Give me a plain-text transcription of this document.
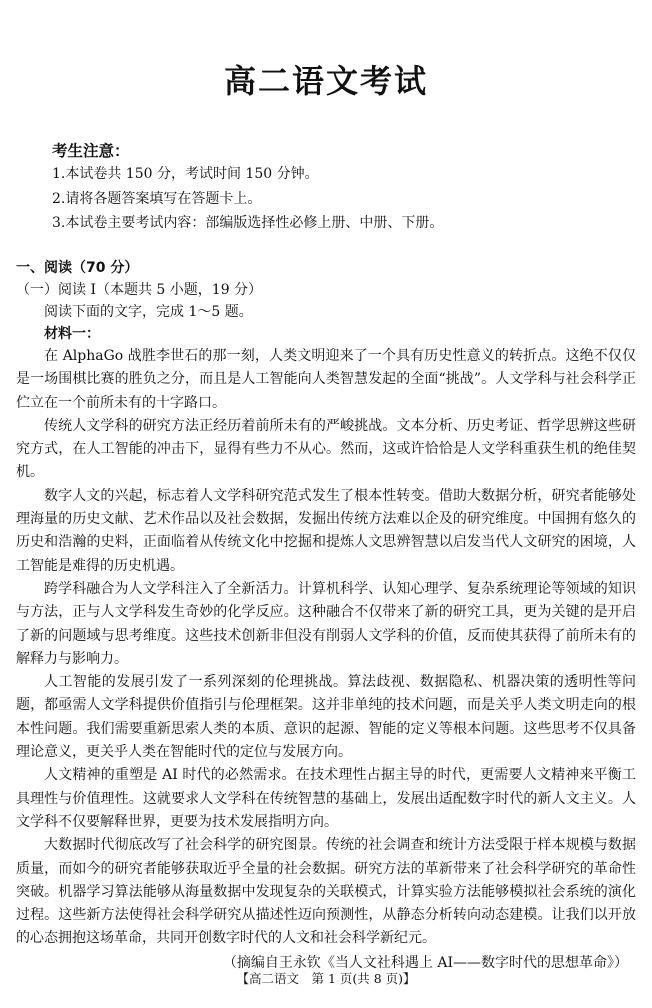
高二语文考试
考生注意：
1.本试卷共 150 分，考试时间 150 分钟。
2.请将各题答案填写在答题卡上。
3.本试卷主要考试内容：部编版选择性必修上册、中册、下册。
一、阅读（70 分）
（一）阅读 Ⅰ（本题共 5 小题，19 分）
阅读下面的文字，完成 1～5 题。
材料一：

在 AlphaGo 战胜李世石的那一刻，人类文明迎来了一个具有历史性意义的转折点。这绝不仅仅是一场围棋比赛的胜负之分，而且是人工智能向人类智慧发起的全面“挑战”。人文学科与社会科学正伫立在一个前所未有的十字路口。

传统人文学科的研究方法正经历着前所未有的严峻挑战。文本分析、历史考证、哲学思辨这些研究方式，在人工智能的冲击下，显得有些力不从心。然而，这或许恰恰是人文学科重获生机的绝佳契机。

数字人文的兴起，标志着人文学科研究范式发生了根本性转变。借助大数据分析，研究者能够处理海量的历史文献、艺术作品以及社会数据，发掘出传统方法难以企及的研究维度。中国拥有悠久的历史和浩瀚的史料，正面临着从传统文化中挖掘和提炼人文思辨智慧以启发当代人文研究的困境，人工智能是难得的历史机遇。

跨学科融合为人文学科注入了全新活力。计算机科学、认知心理学、复杂系统理论等领域的知识与方法，正与人文学科发生奇妙的化学反应。这种融合不仅带来了新的研究工具，更为关键的是开启了新的问题域与思考维度。这些技术创新非但没有削弱人文学科的价值，反而使其获得了前所未有的解释力与影响力。

人工智能的发展引发了一系列深刻的伦理挑战。算法歧视、数据隐私、机器决策的透明性等问题，都亟需人文学科提供价值指引与伦理框架。这并非单纯的技术问题，而是关乎人类文明走向的根本性问题。我们需要重新思索人类的本质、意识的起源、智能的定义等根本问题。这些思考不仅具备理论意义，更关乎人类在智能时代的定位与发展方向。

人文精神的重塑是 AI 时代的必然需求。在技术理性占据主导的时代，更需要人文精神来平衡工具理性与价值理性。这就要求人文学科在传统智慧的基础上，发展出适配数字时代的新人文主义。人文学科不仅要解释世界，更要为技术发展指明方向。

大数据时代彻底改写了社会科学的研究图景。传统的社会调查和统计方法受限于样本规模与数据质量，而如今的研究者能够获取近乎全量的社会数据。研究方法的革新带来了社会科学研究的革命性突破。机器学习算法能够从海量数据中发现复杂的关联模式，计算实验方法能够模拟社会系统的演化过程。这些新方法使得社会科学研究从描述性迈向预测性，从静态分析转向动态建模。让我们以开放的心态拥抱这场革命，共同开创数字时代的人文和社会科学新纪元。

（摘编自王永钦《当人文社科遇上 AI——数字时代的思想革命》）
【高二语文　第 1 页(共 8 页)】
